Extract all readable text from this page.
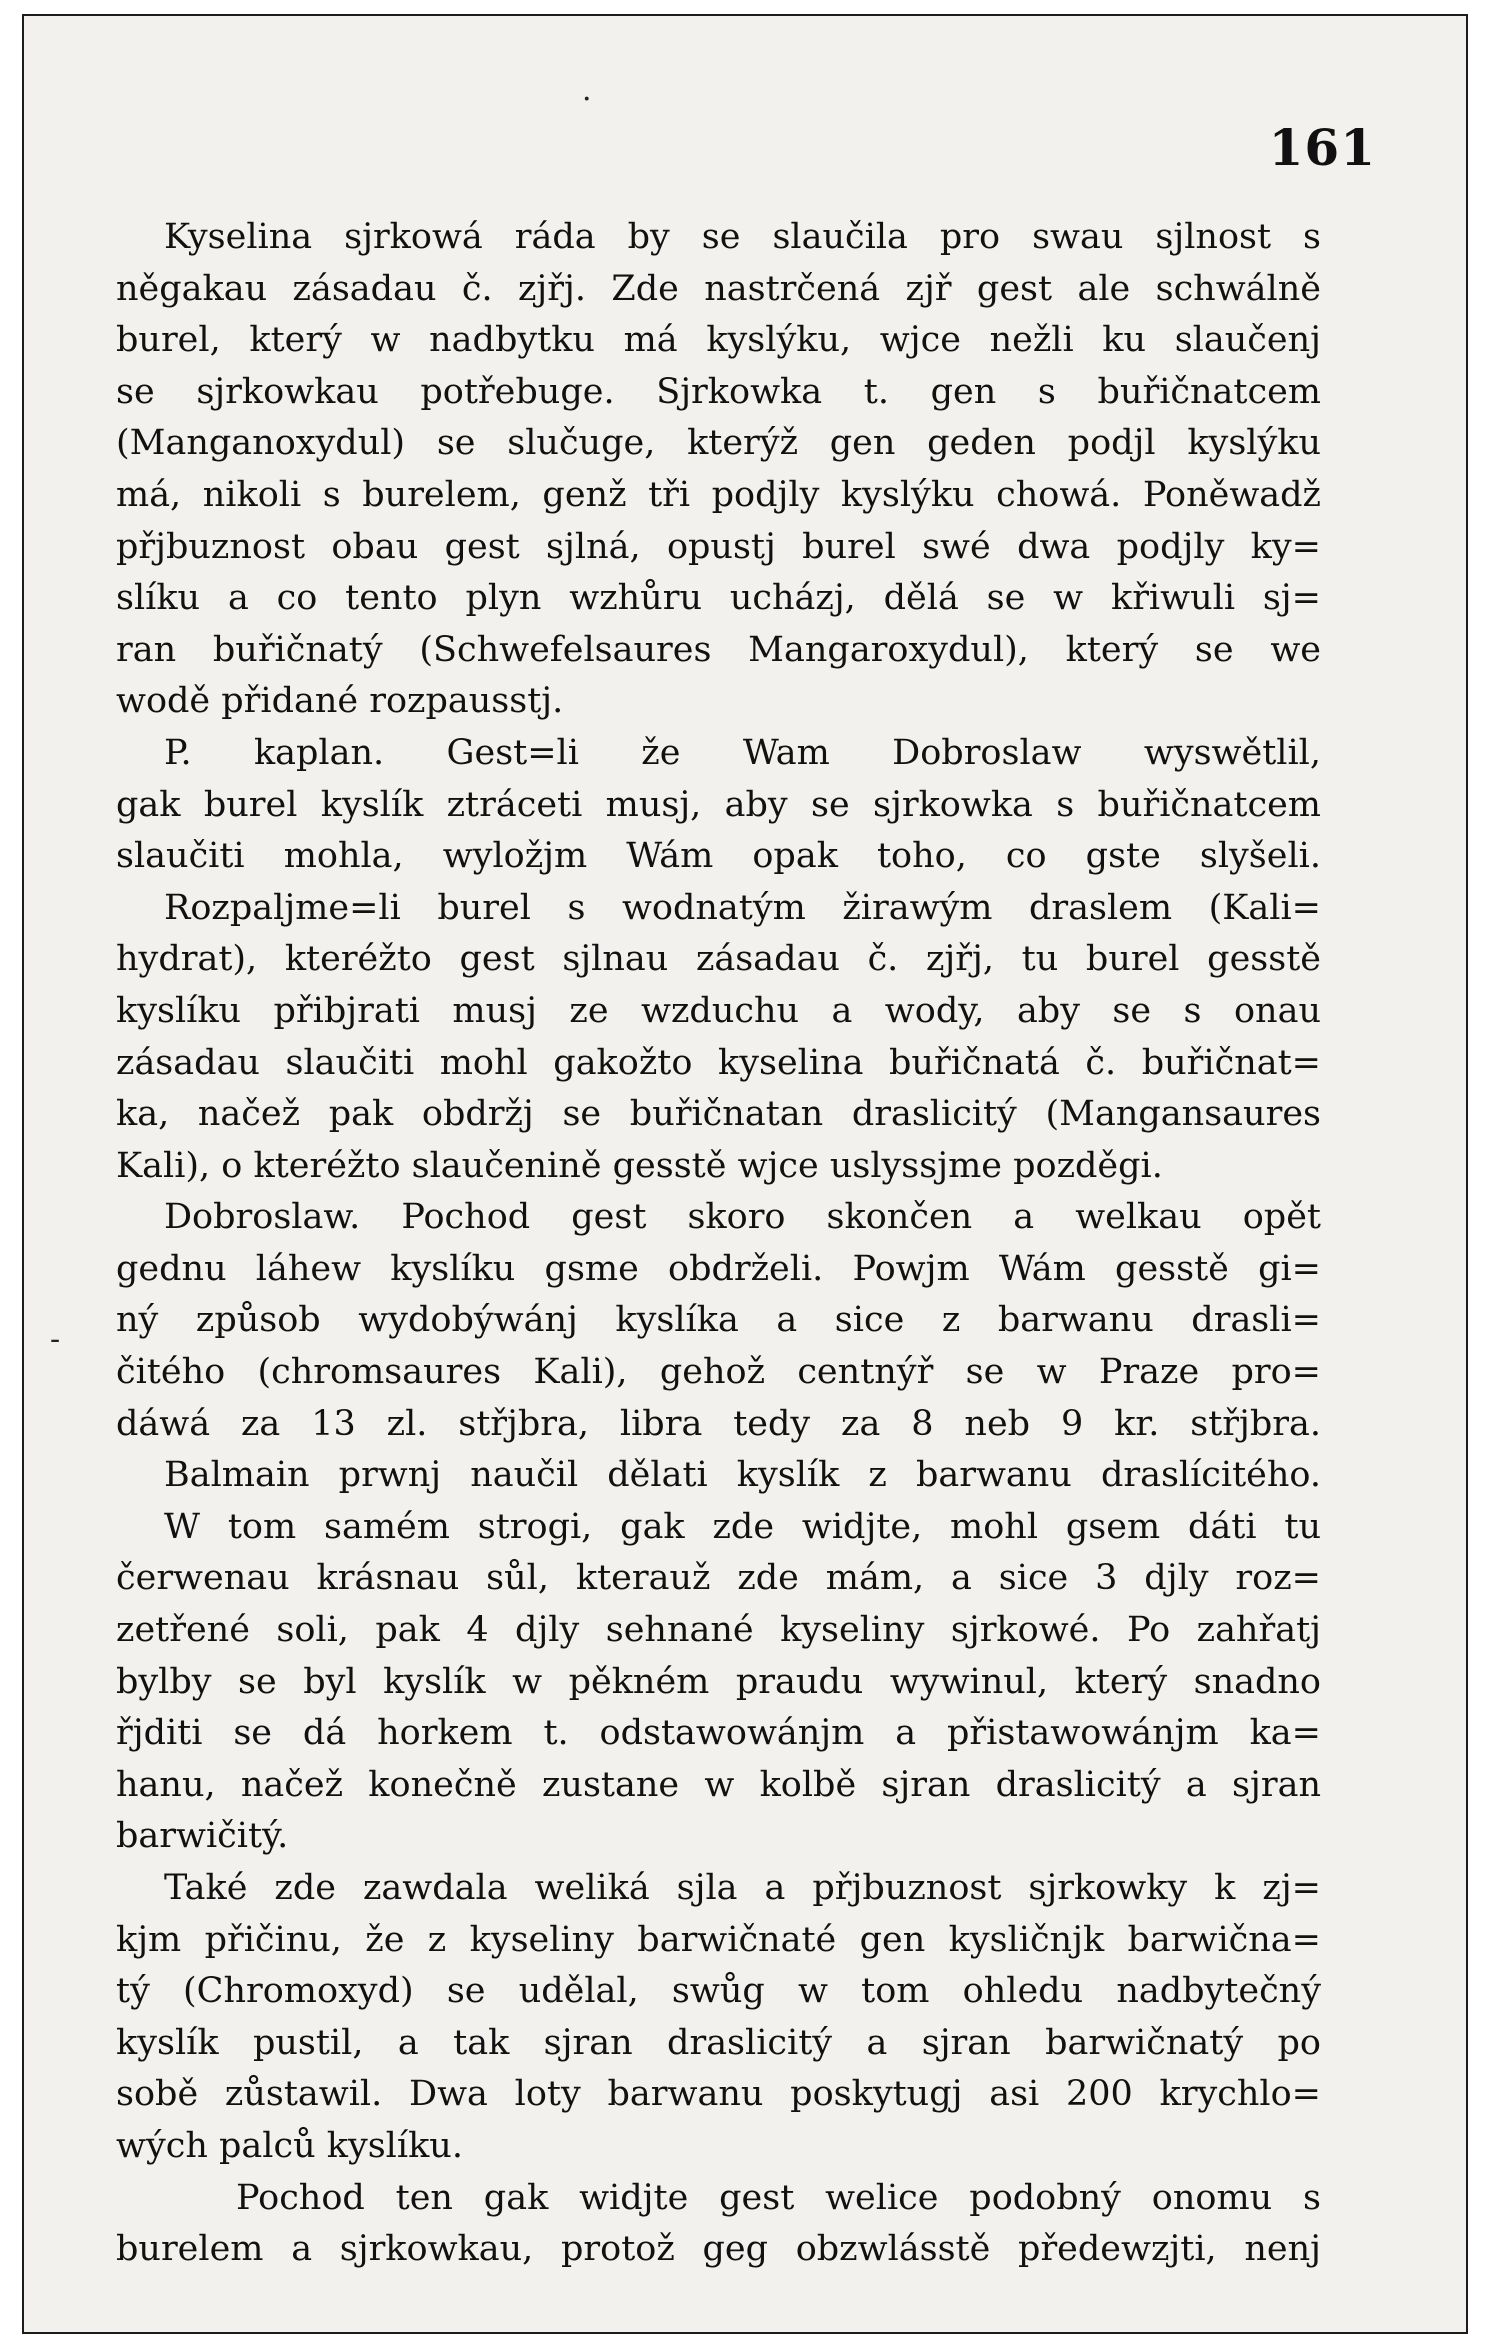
161
·
-
Kyselina sjrkowá ráda by se slaučila pro swau sjlnost s
něgakau zásadau č. zjřj. Zde nastrčená zjř gest ale schwálně
burel, který w nadbytku má kyslýku, wjce nežli ku slaučenj
se sjrkowkau potřebuge. Sjrkowka t. gen s buřičnatcem
(Manganoxydul) se slučuge, kterýž gen geden podjl kyslýku
má, nikoli s burelem, genž tři podjly kyslýku chowá. Poněwadž
přjbuznost obau gest sjlná, opustj burel swé dwa podjly ky=
slíku a co tento plyn wzhůru ucházj, dělá se w křiwuli sj=
ran buřičnatý (Schwefelsaures Mangaroxydul), který se we
wodě přidané rozpausstj.
P. kaplan. Gest=li že Wam Dobroslaw wyswětlil,
gak burel kyslík ztráceti musj, aby se sjrkowka s buřičnatcem
slaučiti mohla, wyložjm Wám opak toho, co gste slyšeli.
Rozpaljme=li burel s wodnatým žirawým draslem (Kali=
hydrat), kteréžto gest sjlnau zásadau č. zjřj, tu burel gesstě
kyslíku přibjrati musj ze wzduchu a wody, aby se s onau
zásadau slaučiti mohl gakožto kyselina buřičnatá č. buřičnat=
ka, načež pak obdržj se buřičnatan draslicitý (Mangansaures
Kali), o kteréžto slaučenině gesstě wjce uslyssjme pozděgi.
Dobroslaw. Pochod gest skoro skončen a welkau opět
gednu láhew kyslíku gsme obdrželi. Powjm Wám gesstě gi=
ný způsob wydobýwánj kyslíka a sice z barwanu drasli=
čitého (chromsaures Kali), gehož centnýř se w Praze pro=
dáwá za 13 zl. střjbra, libra tedy za 8 neb 9 kr. střjbra.
Balmain prwnj naučil dělati kyslík z barwanu draslícitého.
W tom samém strogi, gak zde widjte, mohl gsem dáti tu
čerwenau krásnau sůl, kterauž zde mám, a sice 3 djly roz=
zetřené soli, pak 4 djly sehnané kyseliny sjrkowé. Po zahřatj
bylby se byl kyslík w pěkném praudu wywinul, který snadno
řjditi se dá horkem t. odstawowánjm a přistawowánjm ka=
hanu, načež konečně zustane w kolbě sjran draslicitý a sjran
barwičitý.
Také zde zawdala weliká sjla a přjbuznost sjrkowky k zj=
kjm přičinu, že z kyseliny barwičnaté gen kysličnjk barwična=
tý (Chromoxyd) se udělal, swůg w tom ohledu nadbytečný
kyslík pustil, a tak sjran draslicitý a sjran barwičnatý po
sobě zůstawil. Dwa loty barwanu poskytugj asi 200 krychlo=
wých palců kyslíku.
Pochod ten gak widjte gest welice podobný onomu s
burelem a sjrkowkau, protož geg obzwlásstě předewzjti, nenj
